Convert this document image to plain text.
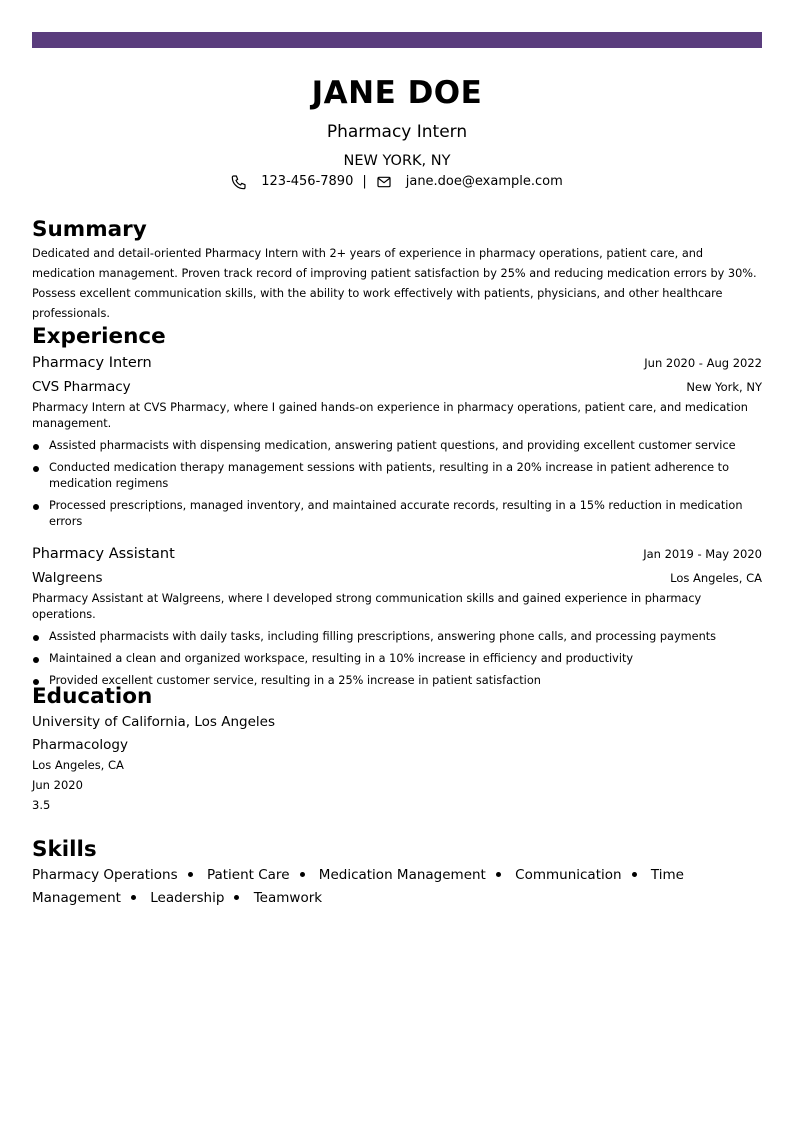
JANE DOE
Pharmacy Intern
NEW YORK, NY
123-456-7890 |	jane.doe@example.com
Summary

Dedicated and detail-oriented Pharmacy Intern with 2+ years of experience in pharmacy operations, patient care, and medication management. Proven track record of improving patient satisfaction by 25% and reducing medication errors by 30%. Possess excellent communication skills, with the ability to work effectively with patients, physicians, and other healthcare professionals.

Experience
Pharmacy Intern	Jun 2020 - Aug 2022
CVS Pharmacy	New York, NY

Pharmacy Intern at CVS Pharmacy, where I gained hands-on experience in pharmacy operations, patient care, and medication management.

Assisted pharmacists with dispensing medication, answering patient questions, and providing excellent customer service
Conducted medication therapy management sessions with patients, resulting in a 20% increase in patient adherence to medication regimens
Processed prescriptions, managed inventory, and maintained accurate records, resulting in a 15% reduction in medication errors
Pharmacy Assistant	Jan 2019 - May 2020
Walgreens	Los Angeles, CA

Pharmacy Assistant at Walgreens, where I developed strong communication skills and gained experience in pharmacy operations.

Assisted pharmacists with daily tasks, including filling prescriptions, answering phone calls, and processing payments
Maintained a clean and organized workspace, resulting in a 10% increase in efficiency and productivity
Provided excellent customer service, resulting in a 25% increase in patient satisfaction
Education
University of California, Los Angeles
Pharmacology
Los Angeles, CA
Jun 2020
3.5
Skills
Pharmacy Operations Patient Care Medication Management Communication Time Management Leadership Teamwork
